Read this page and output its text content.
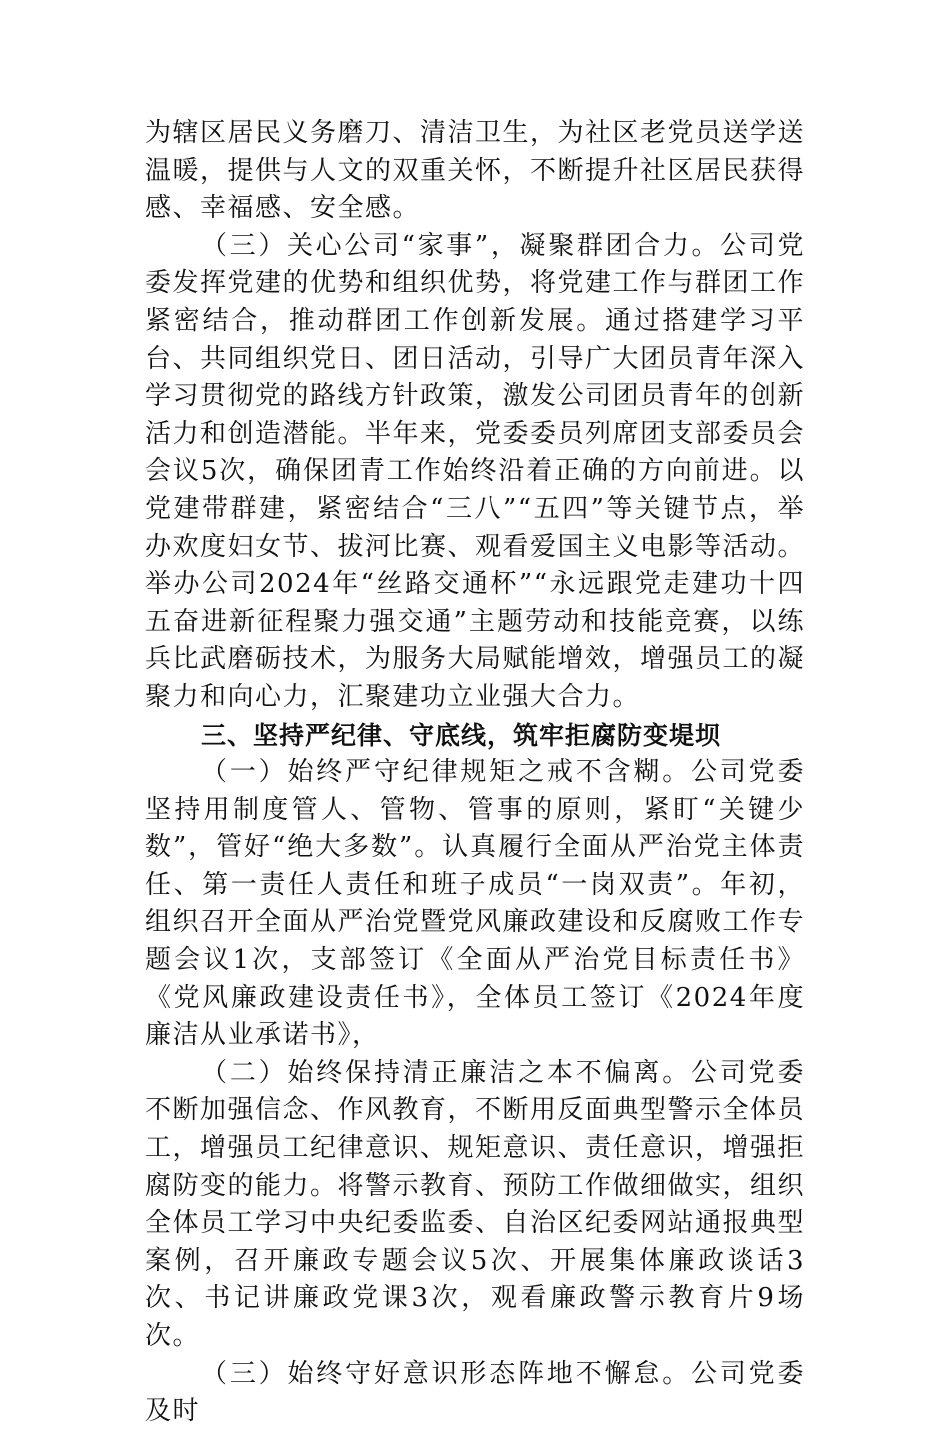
为辖区居民义务磨刀、清洁卫生，为社区老党员送学送温暖，提供与人文的双重关怀，不断提升社区居民获得感、幸福感、安全感。

（三）关心公司“家事”，凝聚群团合力。公司党委发挥党建的优势和组织优势，将党建工作与群团工作紧密结合，推动群团工作创新发展。通过搭建学习平台、共同组织党日、团日活动，引导广大团员青年深入学习贯彻党的路线方针政策，激发公司团员青年的创新活力和创造潜能。半年来，党委委员列席团支部委员会会议5次，确保团青工作始终沿着正确的方向前进。以党建带群建，紧密结合“三八”“五四”等关键节点，举办欢度妇女节、拔河比赛、观看爱国主义电影等活动。举办公司2024年“丝路交通杯”“永远跟党走建功十四五奋进新征程聚力强交通”主题劳动和技能竞赛，以练兵比武磨砺技术，为服务大局赋能增效，增强员工的凝聚力和向心力，汇聚建功立业强大合力。

三、坚持严纪律、守底线，筑牢拒腐防变堤坝

（一）始终严守纪律规矩之戒不含糊。公司党委坚持用制度管人、管物、管事的原则，紧盯“关键少数”，管好“绝大多数”。认真履行全面从严治党主体责任、第一责任人责任和班子成员“一岗双责”。年初，组织召开全面从严治党暨党风廉政建设和反腐败工作专题会议1次，支部签订《全面从严治党目标责任书》《党风廉政建设责任书》，全体员工签订《2024年度廉洁从业承诺书》，

（二）始终保持清正廉洁之本不偏离。公司党委不断加强信念、作风教育，不断用反面典型警示全体员工，增强员工纪律意识、规矩意识、责任意识，增强拒腐防变的能力。将警示教育、预防工作做细做实，组织全体员工学习中央纪委监委、自治区纪委网站通报典型案例，召开廉政专题会议5次、开展集体廉政谈话3次、书记讲廉政党课3次，观看廉政警示教育片9场次。

（三）始终守好意识形态阵地不懈怠。公司党委及时
